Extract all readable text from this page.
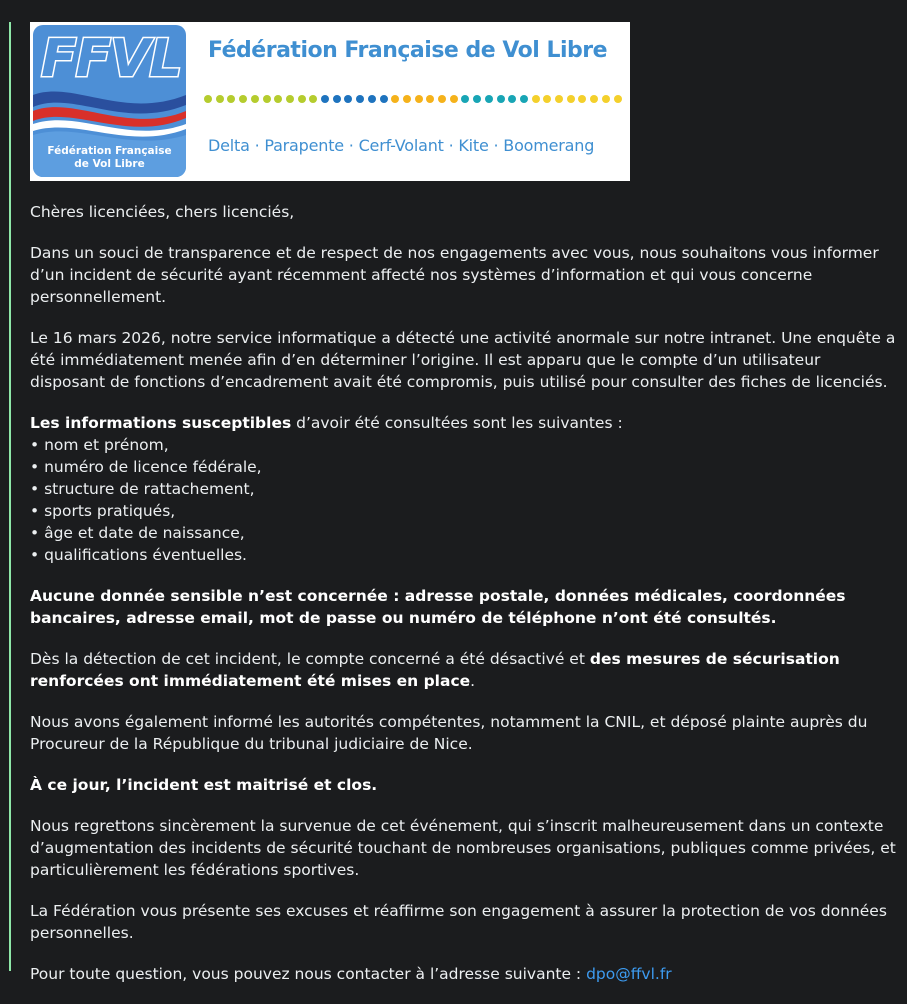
FFVL
Fédération Française
de Vol Libre
Fédération Française de Vol Libre
Delta · Parapente · Cerf-Volant · Kite · Boomerang

Chères licenciées, chers licenciés,

Dans un souci de transparence et de respect de nos engagements avec vous, nous souhaitons vous informer d’un incident de sécurité ayant récemment affecté nos systèmes d’information et qui vous concerne personnellement.

Le 16 mars 2026, notre service informatique a détecté une activité anormale sur notre intranet. Une enquête a été immédiatement menée afin d’en déterminer l’origine. Il est apparu que le compte d’un utilisateur disposant de fonctions d’encadrement avait été compromis, puis utilisé pour consulter des fiches de licenciés.

Les informations susceptibles d’avoir été consultées sont les suivantes :
• nom et prénom,
• numéro de licence fédérale,
• structure de rattachement,
• sports pratiqués,
• âge et date de naissance,
• qualifications éventuelles.

Aucune donnée sensible n’est concernée : adresse postale, données médicales, coordonnées bancaires, adresse email, mot de passe ou numéro de téléphone n’ont été consultés.

Dès la détection de cet incident, le compte concerné a été désactivé et des mesures de sécurisation renforcées ont immédiatement été mises en place.

Nous avons également informé les autorités compétentes, notamment la CNIL, et déposé plainte auprès du Procureur de la République du tribunal judiciaire de Nice.

À ce jour, l’incident est maitrisé et clos.

Nous regrettons sincèrement la survenue de cet événement, qui s’inscrit malheureusement dans un contexte d’augmentation des incidents de sécurité touchant de nombreuses organisations, publiques comme privées, et particulièrement les fédérations sportives.

La Fédération vous présente ses excuses et réaffirme son engagement à assurer la protection de vos données personnelles.

Pour toute question, vous pouvez nous contacter à l’adresse suivante : dpo@ffvl.fr
